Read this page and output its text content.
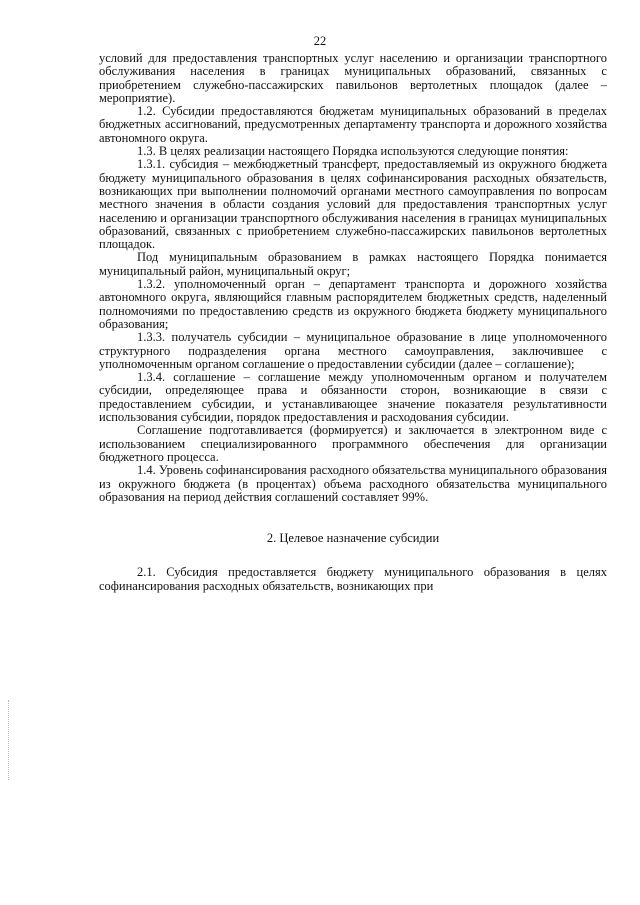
22

условий для предоставления транспортных услуг населению и организации транспортного обслуживания населения в границах муниципальных образований, связанных с приобретением служебно-пассажирских павильонов вертолетных площадок (далее – мероприятие).

1.2. Субсидии предоставляются бюджетам муниципальных образований в пределах бюджетных ассигнований, предусмотренных департаменту транспорта и дорожного хозяйства автономного округа.

1.3. В целях реализации настоящего Порядка используются следующие понятия:

1.3.1. субсидия – межбюджетный трансферт, предоставляемый из окружного бюджета бюджету муниципального образования в целях софинансирования расходных обязательств, возникающих при выполнении полномочий органами местного самоуправления по вопросам местного значения в области создания условий для предоставления транспортных услуг населению и организации транспортного обслуживания населения в границах муниципальных образований, связанных с приобретением служебно-пассажирских павильонов вертолетных площадок.

Под муниципальным образованием в рамках настоящего Порядка понимается муниципальный район, муниципальный округ;

1.3.2. уполномоченный орган – департамент транспорта и дорожного хозяйства автономного округа, являющийся главным распорядителем бюджетных средств, наделенный полномочиями по предоставлению средств из окружного бюджета бюджету муниципального образования;

1.3.3. получатель субсидии – муниципальное образование в лице уполномоченного структурного подразделения органа местного самоуправления, заключившее с уполномоченным органом соглашение о предоставлении субсидии (далее – соглашение);

1.3.4. соглашение – соглашение между уполномоченным органом и получателем субсидии, определяющее права и обязанности сторон, возникающие в связи с предоставлением субсидии, и устанавливающее значение показателя результативности использования субсидии, порядок предоставления и расходования субсидии.

Соглашение подготавливается (формируется) и заключается в электронном виде с использованием специализированного программного обеспечения для организации бюджетного процесса.

1.4. Уровень софинансирования расходного обязательства муниципального образования из окружного бюджета (в процентах) объема расходного обязательства муниципального образования на период действия соглашений составляет 99%.

2. Целевое назначение субсидии

2.1. Субсидия предоставляется бюджету муниципального образования в целях софинансирования расходных обязательств, возникающих при
